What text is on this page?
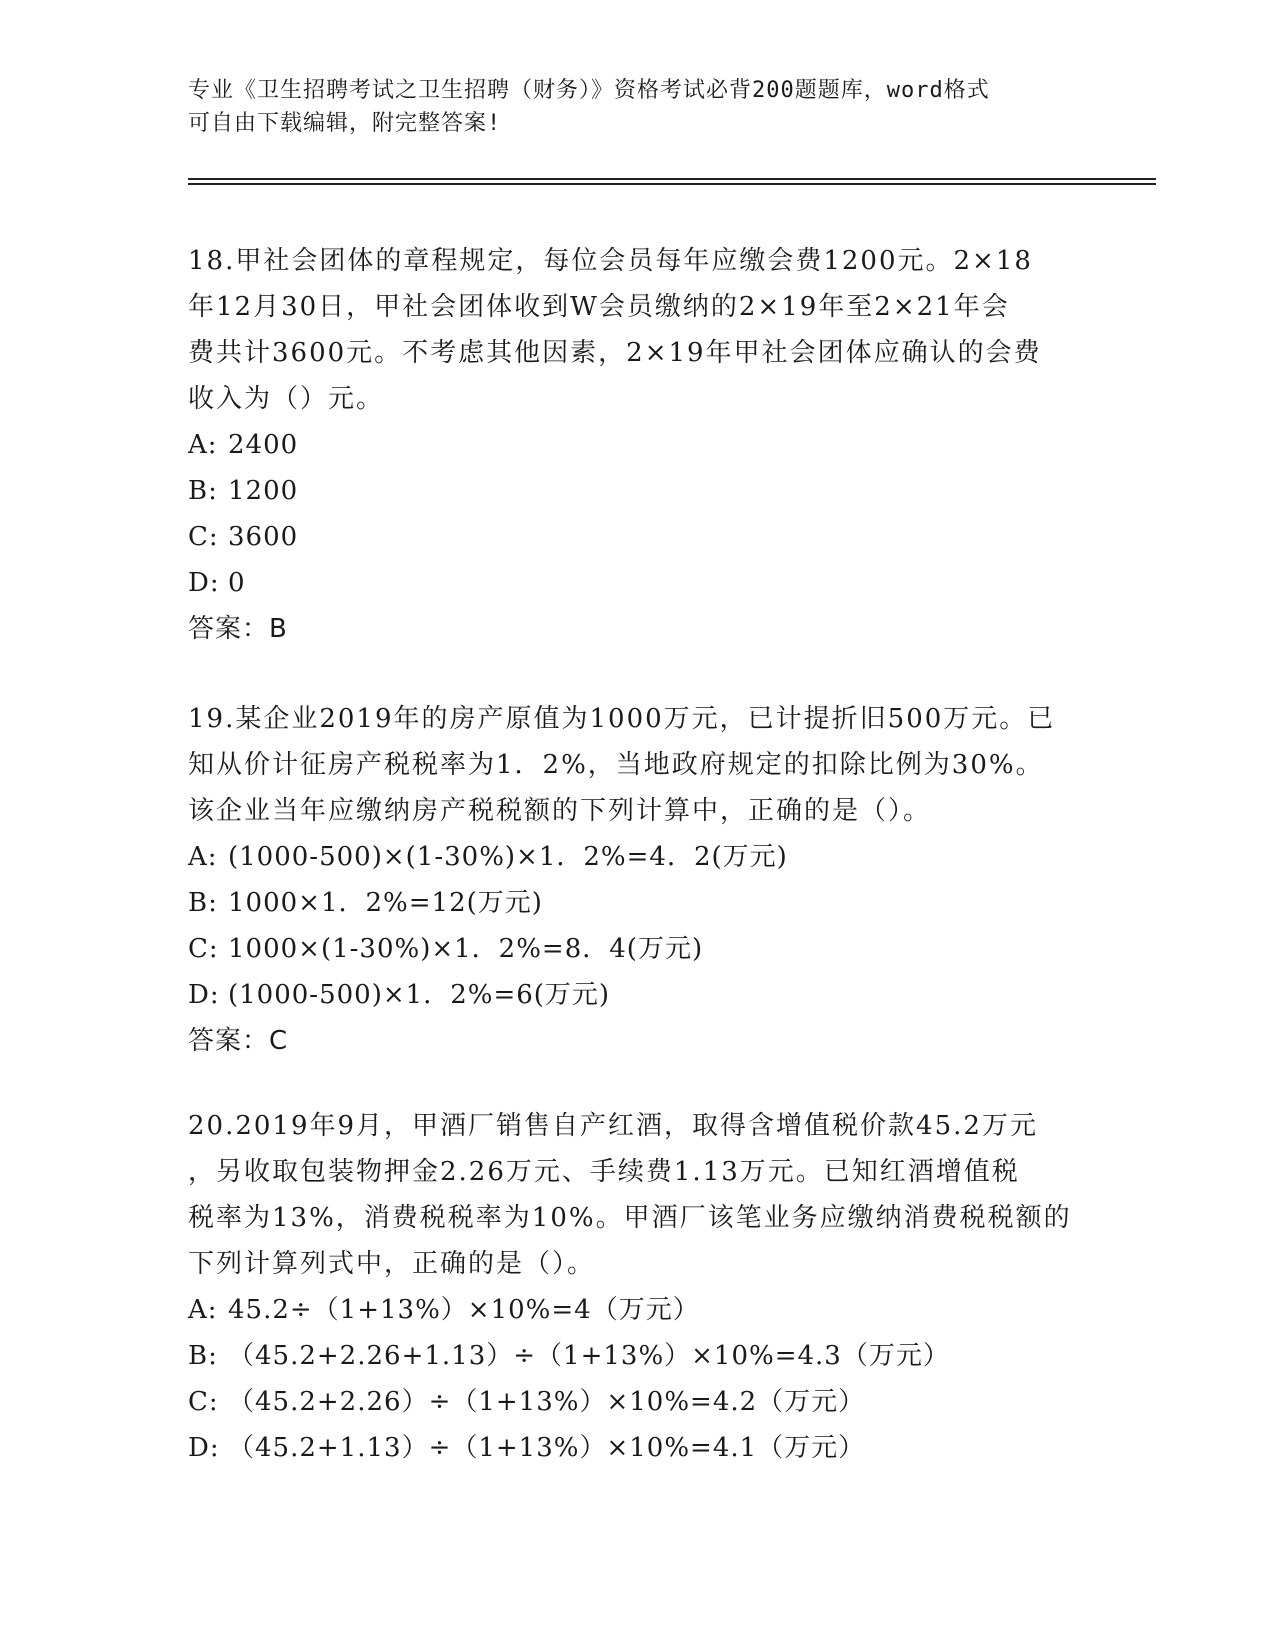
专业《卫生招聘考试之卫生招聘（财务）》资格考试必背200题题库，word格式
可自由下载编辑，附完整答案!

18.甲社会团体的章程规定，每位会员每年应缴会费1200元。2×18
年12月30日，甲社会团体收到W会员缴纳的2×19年至2×21年会
费共计3600元。不考虑其他因素，2×19年甲社会团体应确认的会费
收入为（）元。

A: 2400

B: 1200

C: 3600

D: 0

答案：B

19.某企业2019年的房产原值为1000万元，已计提折旧500万元。已
知从价计征房产税税率为1．2%，当地政府规定的扣除比例为30%。
该企业当年应缴纳房产税税额的下列计算中，正确的是（）。

A: (1000-500)×(1-30%)×1．2%=4．2(万元)

B: 1000×1．2%=12(万元)

C: 1000×(1-30%)×1．2%=8．4(万元)

D: (1000-500)×1．2%=6(万元)

答案：C

20.2019年9月，甲酒厂销售自产红酒，取得含增值税价款45.2万元
，另收取包装物押金2.26万元、手续费1.13万元。已知红酒增值税
税率为13%，消费税税率为10%。甲酒厂该笔业务应缴纳消费税税额的
下列计算列式中，正确的是（）。

A: 45.2÷（1+13%）×10%=4（万元）

B: （45.2+2.26+1.13）÷（1+13%）×10%=4.3（万元）

C: （45.2+2.26）÷（1+13%）×10%=4.2（万元）

D: （45.2+1.13）÷（1+13%）×10%=4.1（万元）
